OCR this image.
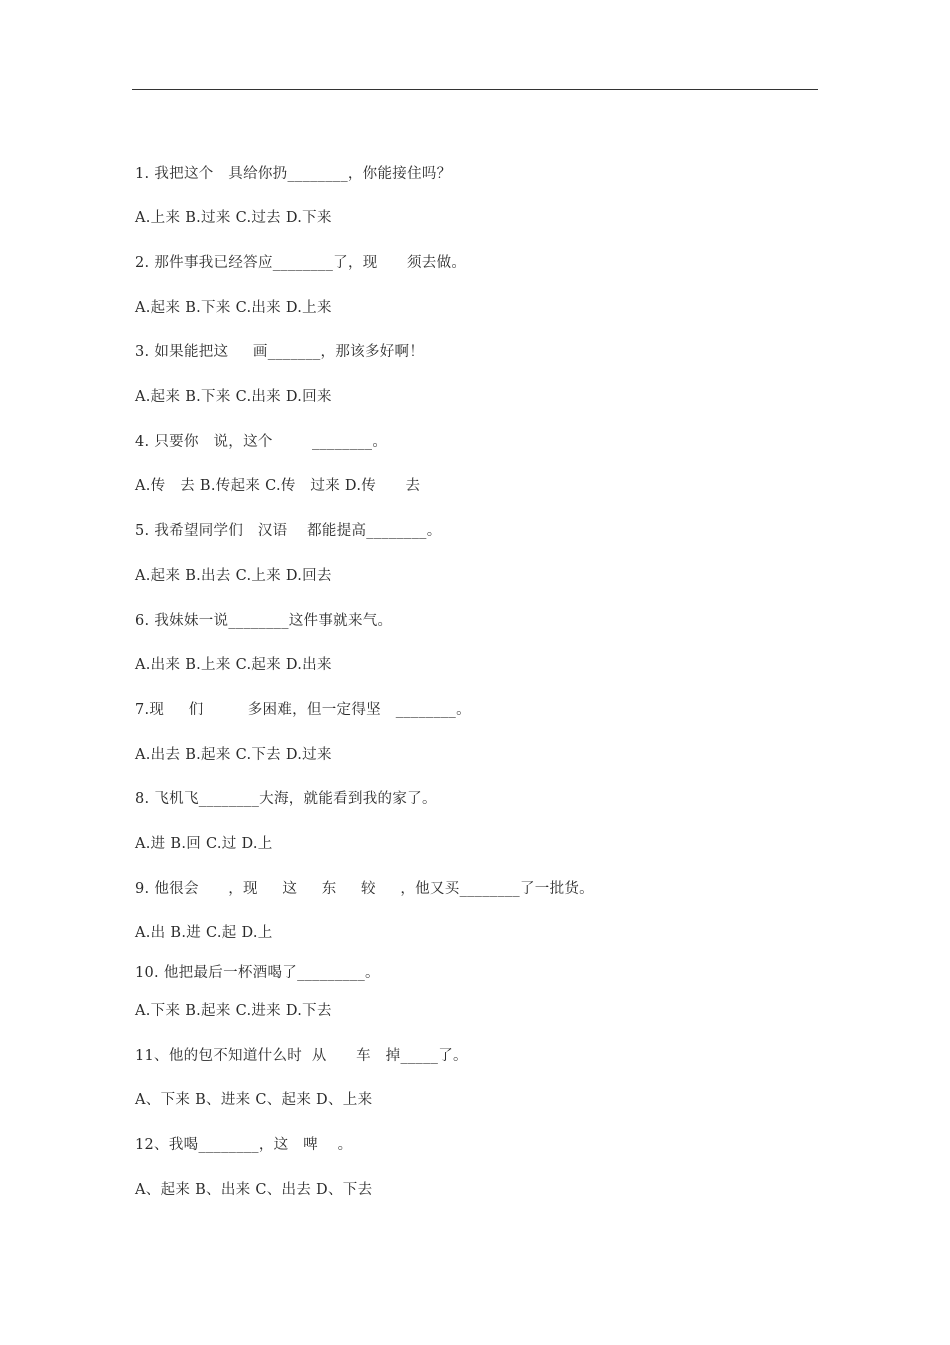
1. 我把这个   具给你扔________，你能接住吗？
A.上来 B.过来 C.过去 D.下来
2. 那件事我已经答应________了，现      须去做。
A.起来 B.下来 C.出来 D.上来
3. 如果能把这     画_______，那该多好啊！
A.起来 B.下来 C.出来 D.回来
4. 只要你   说，这个        ________。
A.传   去 B.传起来 C.传   过来 D.传      去
5. 我希望同学们   汉语    都能提高________。
A.起来 B.出去 C.上来 D.回去
6. 我妹妹一说________这件事就来气。
A.出来 B.上来 C.起来 D.出来
7.现     们         多困难，但一定得坚   ________。
A.出去 B.起来 C.下去 D.过来
8. 飞机飞________大海，就能看到我的家了。
A.进 B.回 C.过 D.上
9. 他很会      ，现     这     东     较     ，他又买________了一批货。
A.出 B.进 C.起 D.上
10. 他把最后一杯酒喝了_________。
A.下来 B.起来 C.进来 D.下去
11、他的包不知道什么时  从      车   掉_____了。
A、下来 B、进来 C、起来 D、上来
12、我喝________，这   啤    。
A、起来 B、出来 C、出去 D、下去
